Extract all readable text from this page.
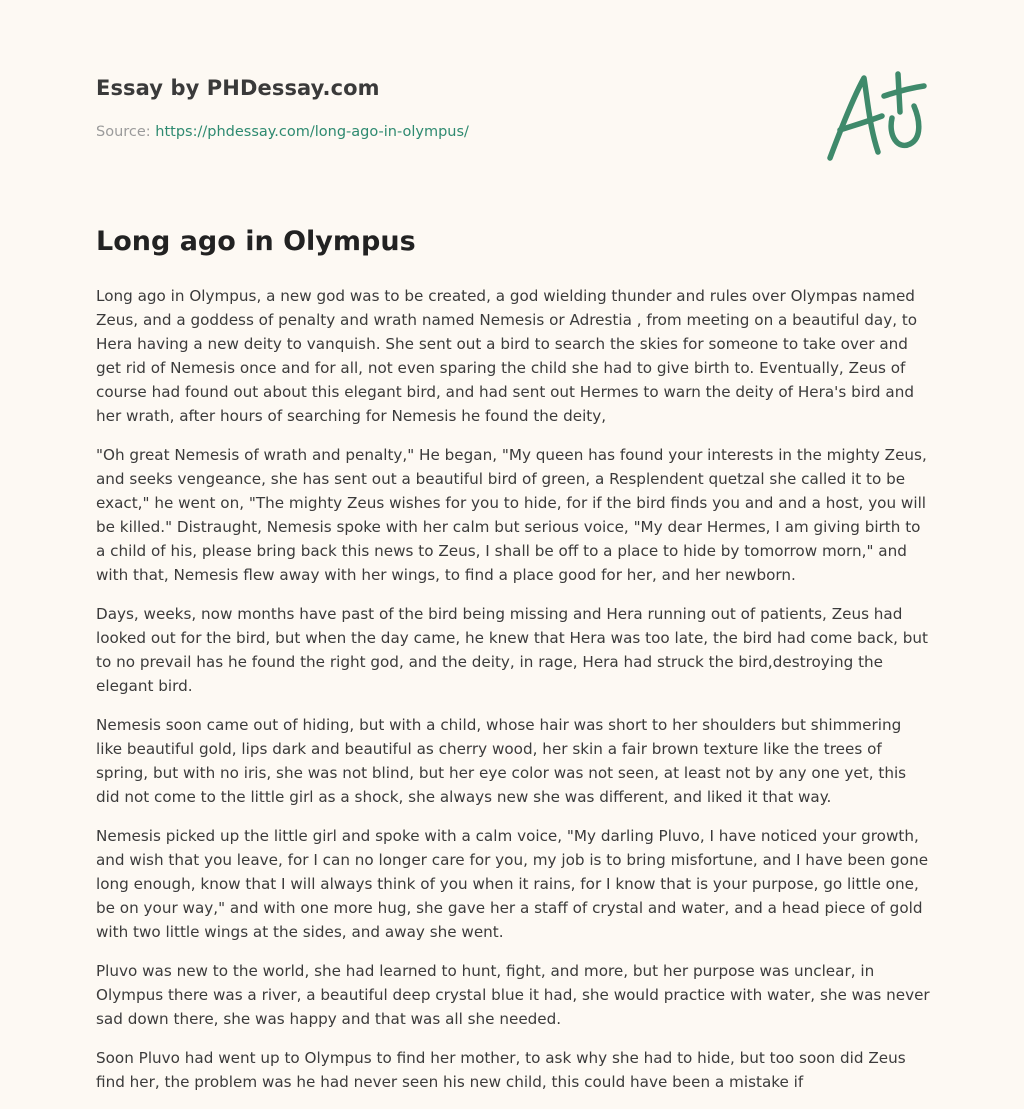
Essay by PHDessay.com
Source: https://phdessay.com/long-ago-in-olympus/
Long ago in Olympus

Long ago in Olympus, a new god was to be created, a god wielding thunder and rules over Olympas named Zeus, and a goddess of penalty and wrath named Nemesis or Adrestia , from meeting on a beautiful day, to Hera having a new deity to vanquish. She sent out a bird to search the skies for someone to take over and get rid of Nemesis once and for all, not even sparing the child she had to give birth to. Eventually, Zeus of course had found out about this elegant bird, and had sent out Hermes to warn the deity of Hera's bird and her wrath, after hours of searching for Nemesis he found the deity,

"Oh great Nemesis of wrath and penalty," He began, "My queen has found your interests in the mighty Zeus, and seeks vengeance, she has sent out a beautiful bird of green, a Resplendent quetzal she called it to be exact," he went on, "The mighty Zeus wishes for you to hide, for if the bird finds you and and a host, you will be killed." Distraught, Nemesis spoke with her calm but serious voice, "My dear Hermes, I am giving birth to a child of his, please bring back this news to Zeus, I shall be off to a place to hide by tomorrow morn," and with that, Nemesis flew away with her wings, to find a place good for her, and her newborn.

Days, weeks, now months have past of the bird being missing and Hera running out of patients, Zeus had looked out for the bird, but when the day came, he knew that Hera was too late, the bird had come back, but to no prevail has he found the right god, and the deity, in rage, Hera had struck the bird,destroying the elegant bird.

Nemesis soon came out of hiding, but with a child, whose hair was short to her shoulders but shimmering like beautiful gold, lips dark and beautiful as cherry wood, her skin a fair brown texture like the trees of spring, but with no iris, she was not blind, but her eye color was not seen, at least not by any one yet, this did not come to the little girl as a shock, she always new she was different, and liked it that way.

Nemesis picked up the little girl and spoke with a calm voice, "My darling Pluvo, I have noticed your growth, and wish that you leave, for I can no longer care for you, my job is to bring misfortune, and I have been gone long enough, know that I will always think of you when it rains, for I know that is your purpose, go little one, be on your way," and with one more hug, she gave her a staff of crystal and water, and a head piece of gold with two little wings at the sides, and away she went.

Pluvo was new to the world, she had learned to hunt, fight, and more, but her purpose was unclear, in Olympus there was a river, a beautiful deep crystal blue it had, she would practice with water, she was never sad down there, she was happy and that was all she needed.

Soon Pluvo had went up to Olympus to find her mother, to ask why she had to hide, but too soon did Zeus find her, the problem was he had never seen his new child, this could have been a mistake if
